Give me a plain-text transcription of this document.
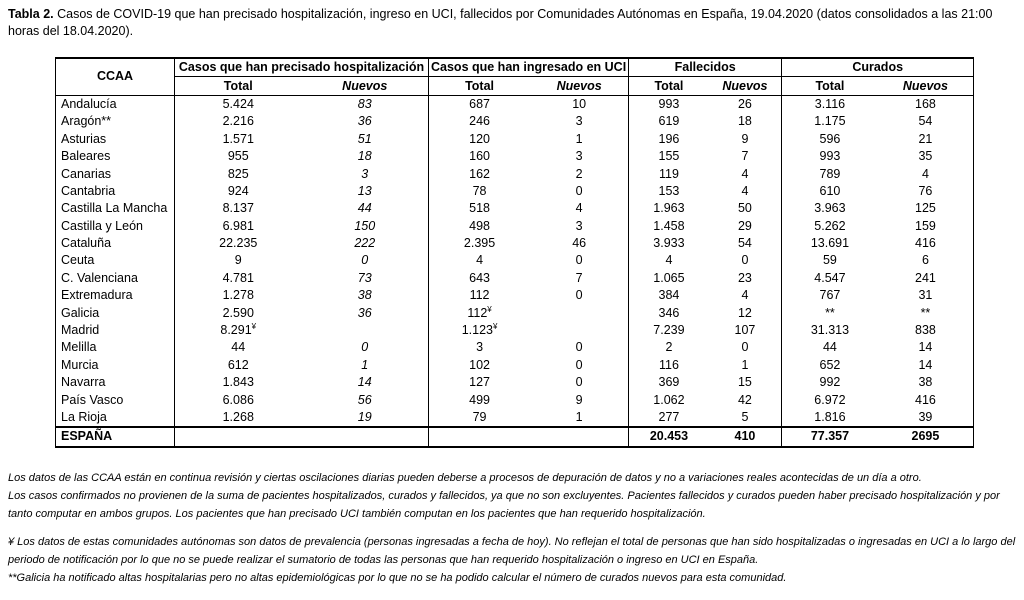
Tabla 2. Casos de COVID-19 que han precisado hospitalización, ingreso en UCI, fallecidos por Comunidades Autónomas en España, 19.04.2020 (datos consolidados a las 21:00 horas del 18.04.2020).
CCAA	Casos que han precisado hospitalización		Casos que han ingresado en UCI		Fallecidos		Curados	
	Total	Nuevos	Total	Nuevos	Total	Nuevos	Total	Nuevos
Andalucía	5.424	83	687	10	993	26	3.116	168
Aragón**	2.216	36	246	3	619	18	1.175	54
Asturias	1.571	51	120	1	196	9	596	21
Baleares	955	18	160	3	155	7	993	35
Canarias	825	3	162	2	119	4	789	4
Cantabria	924	13	78	0	153	4	610	76
Castilla La Mancha	8.137	44	518	4	1.963	50	3.963	125
Castilla y León	6.981	150	498	3	1.458	29	5.262	159
Cataluña	22.235	222	2.395	46	3.933	54	13.691	416
Ceuta	9	0	4	0	4	0	59	6
C. Valenciana	4.781	73	643	7	1.065	23	4.547	241
Extremadura	1.278	38	112	0	384	4	767	31
Galicia	2.590	36	112¥		346	12	**	**
Madrid	8.291¥		1.123¥		7.239	107	31.313	838
Melilla	44	0	3	0	2	0	44	14
Murcia	612	1	102	0	116	1	652	14
Navarra	1.843	14	127	0	369	15	992	38
País Vasco	6.086	56	499	9	1.062	42	6.972	416
La Rioja	1.268	19	79	1	277	5	1.816	39
ESPAÑA					20.453	410	77.357	2695

Los datos de las CCAA están en continua revisión y ciertas oscilaciones diarias pueden deberse a procesos de depuración de datos y no a variaciones reales acontecidas de un día a otro.

Los casos confirmados no provienen de la suma de pacientes hospitalizados, curados y fallecidos, ya que no son excluyentes. Pacientes fallecidos y curados pueden haber precisado hospitalización y por tanto computar en ambos grupos. Los pacientes que han precisado UCI también computan en los pacientes que han requerido hospitalización.

¥ Los datos de estas comunidades autónomas son datos de prevalencia (personas ingresadas a fecha de hoy). No reflejan el total de personas que han sido hospitalizadas o ingresadas en UCI a lo largo del periodo de notificación por lo que no se puede realizar el sumatorio de todas las personas que han requerido hospitalización o ingreso en UCI en España.

**Galicia ha notificado altas hospitalarias pero no altas epidemiológicas por lo que no se ha podido calcular el número de curados nuevos para esta comunidad.
